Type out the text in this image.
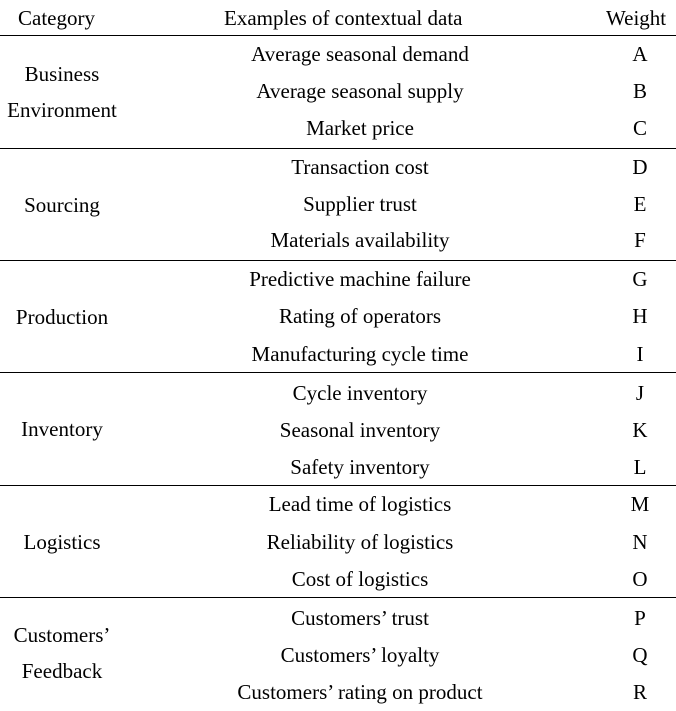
Category	Examples of contextual data	Weight
Business
Environment
Average seasonal demand	A
Average seasonal supply	B
Market price	C
Sourcing
Transaction cost	D
Supplier trust	E
Materials availability	F
Production
Predictive machine failure	G
Rating of operators	H
Manufacturing cycle time	I
Inventory
Cycle inventory	J
Seasonal inventory	K
Safety inventory	L
Logistics
Lead time of logistics	M
Reliability of logistics	N
Cost of logistics	O
Customers’
Feedback
Customers’ trust	P
Customers’ loyalty	Q
Customers’ rating on product	R
